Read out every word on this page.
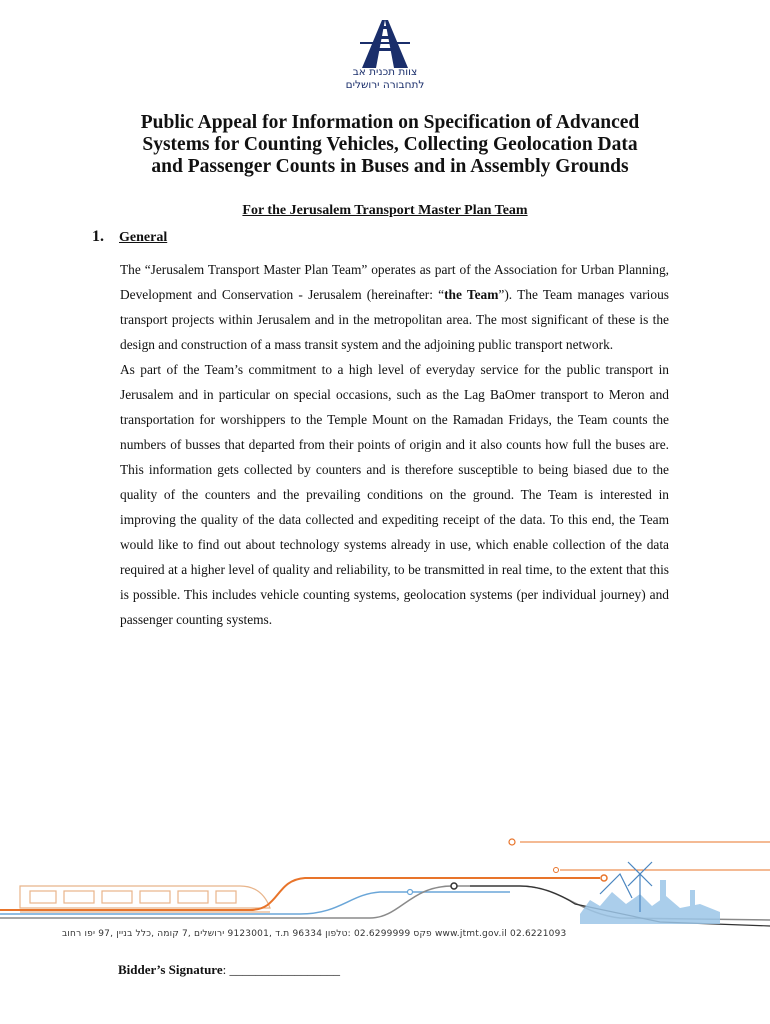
צוות תכנית אב
לתחבורה ירושלים
Public Appeal for Information on Specification of Advanced
Systems for Counting Vehicles, Collecting Geolocation Data
and Passenger Counts in Buses and in Assembly Grounds
For the Jerusalem Transport Master Plan Team
1. General

The “Jerusalem Transport Master Plan Team” operates as part of the Association for Urban Planning, Development and Conservation - Jerusalem (hereinafter: “the Team”). The Team manages various transport projects within Jerusalem and in the metropolitan area. The most significant of these is the design and construction of a mass transit system and the adjoining public transport network.

As part of the Team’s commitment to a high level of everyday service for the public transport in Jerusalem and in particular on special occasions, such as the Lag BaOmer transport to Meron and transportation for worshippers to the Temple Mount on the Ramadan Fridays, the Team counts the numbers of busses that departed from their points of origin and it also counts how full the buses are. This information gets collected by counters and is therefore susceptible to being biased due to the quality of the counters and the prevailing conditions on the ground. The Team is interested in improving the quality of the data collected and expediting receipt of the data. To this end, the Team would like to find out about technology systems already in use, which enable collection of the data required at a higher level of quality and reliability, to be transmitted in real time, to the extent that this is possible. This includes vehicle counting systems, geolocation systems (per individual journey) and passenger counting systems.

www.jtmt.gov.il 02.6221093 פקס 02.6299999 :טלפון 96334 ת.ד ,9123001 ירושלים ,7 קומה ,כלל בניין ,97 יפו רחוב
Bidder’s Signature: _________________
